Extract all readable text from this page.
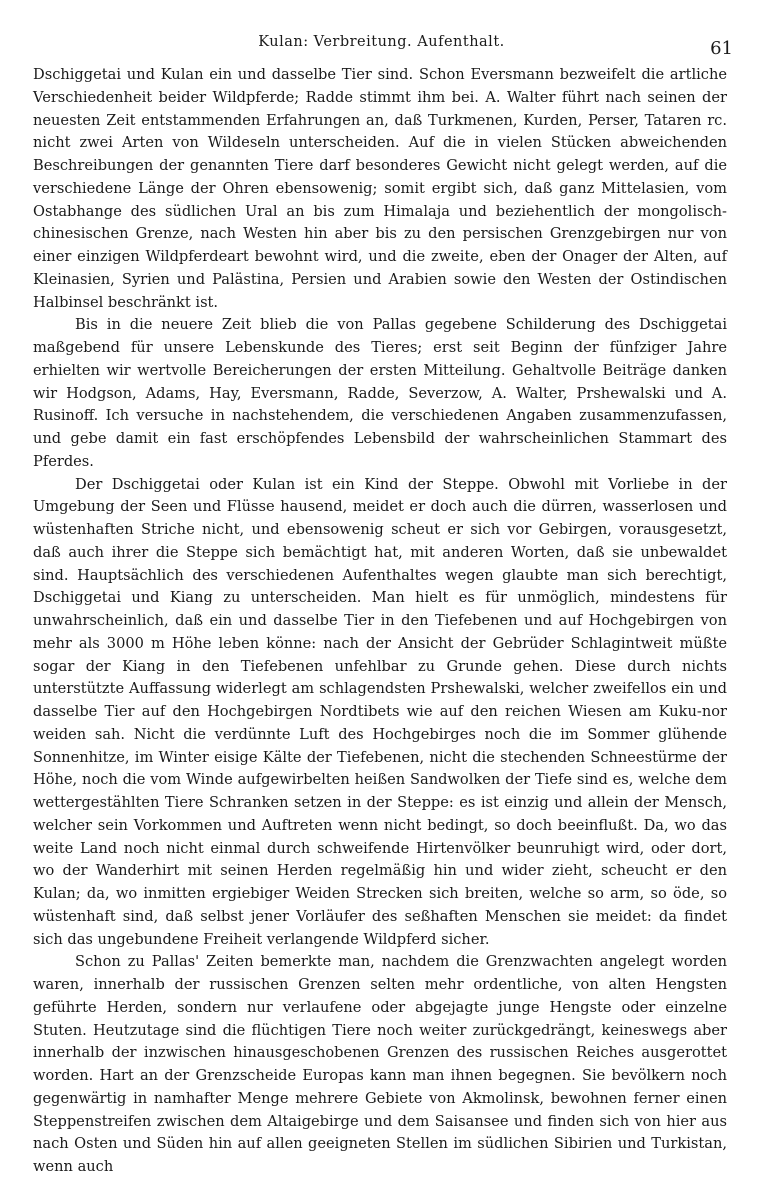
Kulan: Verbreitung. Aufenthalt.	61

Dschiggetai und Kulan ein und dasselbe Tier sind. Schon Eversmann bezweifelt die artliche Verschiedenheit beider Wildpferde; Radde stimmt ihm bei. A. Walter führt nach seinen der neuesten Zeit entstammenden Erfahrungen an, daß Turkmenen, Kurden, Perser, Tataren rc. nicht zwei Arten von Wildeseln unterscheiden. Auf die in vielen Stücken abweichenden Beschreibungen der genannten Tiere darf besonderes Gewicht nicht gelegt werden, auf die verschiedene Länge der Ohren ebensowenig; somit ergibt sich, daß ganz Mittelasien, vom Ostabhange des südlichen Ural an bis zum Himalaja und beziehentlich der mongolisch-chinesischen Grenze, nach Westen hin aber bis zu den persischen Grenzgebirgen nur von einer einzigen Wildpferdeart bewohnt wird, und die zweite, eben der Onager der Alten, auf Kleinasien, Syrien und Palästina, Persien und Arabien sowie den Westen der Ostindischen Halbinsel beschränkt ist.

Bis in die neuere Zeit blieb die von Pallas gegebene Schilderung des Dschiggetai maßgebend für unsere Lebenskunde des Tieres; erst seit Beginn der fünfziger Jahre erhielten wir wertvolle Bereicherungen der ersten Mitteilung. Gehaltvolle Beiträge danken wir Hodgson, Adams, Hay, Eversmann, Radde, Severzow, A. Walter, Prshewalski und A. Rusinoff. Ich versuche in nachstehendem, die verschiedenen Angaben zusammenzufassen, und gebe damit ein fast erschöpfendes Lebensbild der wahrscheinlichen Stammart des Pferdes.

Der Dschiggetai oder Kulan ist ein Kind der Steppe. Obwohl mit Vorliebe in der Umgebung der Seen und Flüsse hausend, meidet er doch auch die dürren, wasserlosen und wüstenhaften Striche nicht, und ebensowenig scheut er sich vor Gebirgen, vorausgesetzt, daß auch ihrer die Steppe sich bemächtigt hat, mit anderen Worten, daß sie unbewaldet sind. Hauptsächlich des verschiedenen Aufenthaltes wegen glaubte man sich berechtigt, Dschiggetai und Kiang zu unterscheiden. Man hielt es für unmöglich, mindestens für unwahrscheinlich, daß ein und dasselbe Tier in den Tiefebenen und auf Hochgebirgen von mehr als 3000 m Höhe leben könne: nach der Ansicht der Gebrüder Schlagintweit müßte sogar der Kiang in den Tiefebenen unfehlbar zu Grunde gehen. Diese durch nichts unterstützte Auffassung widerlegt am schlagendsten Prshewalski, welcher zweifellos ein und dasselbe Tier auf den Hochgebirgen Nordtibets wie auf den reichen Wiesen am Kuku-nor weiden sah. Nicht die verdünnte Luft des Hochgebirges noch die im Sommer glühende Sonnenhitze, im Winter eisige Kälte der Tiefebenen, nicht die stechenden Schneestürme der Höhe, noch die vom Winde aufgewirbelten heißen Sandwolken der Tiefe sind es, welche dem wettergestählten Tiere Schranken setzen in der Steppe: es ist einzig und allein der Mensch, welcher sein Vorkommen und Auftreten wenn nicht bedingt, so doch beeinflußt. Da, wo das weite Land noch nicht einmal durch schweifende Hirtenvölker beunruhigt wird, oder dort, wo der Wanderhirt mit seinen Herden regelmäßig hin und wider zieht, scheucht er den Kulan; da, wo inmitten ergiebiger Weiden Strecken sich breiten, welche so arm, so öde, so wüstenhaft sind, daß selbst jener Vorläufer des seßhaften Menschen sie meidet: da findet sich das ungebundene Freiheit verlangende Wildpferd sicher.

Schon zu Pallas' Zeiten bemerkte man, nachdem die Grenzwachten angelegt worden waren, innerhalb der russischen Grenzen selten mehr ordentliche, von alten Hengsten geführte Herden, sondern nur verlaufene oder abgejagte junge Hengste oder einzelne Stuten. Heutzutage sind die flüchtigen Tiere noch weiter zurückgedrängt, keineswegs aber innerhalb der inzwischen hinausgeschobenen Grenzen des russischen Reiches ausgerottet worden. Hart an der Grenzscheide Europas kann man ihnen begegnen. Sie bevölkern noch gegenwärtig in namhafter Menge mehrere Gebiete von Akmolinsk, bewohnen ferner einen Steppenstreifen zwischen dem Altaigebirge und dem Saisansee und finden sich von hier aus nach Osten und Süden hin auf allen geeigneten Stellen im südlichen Sibirien und Turkistan, wenn auch
